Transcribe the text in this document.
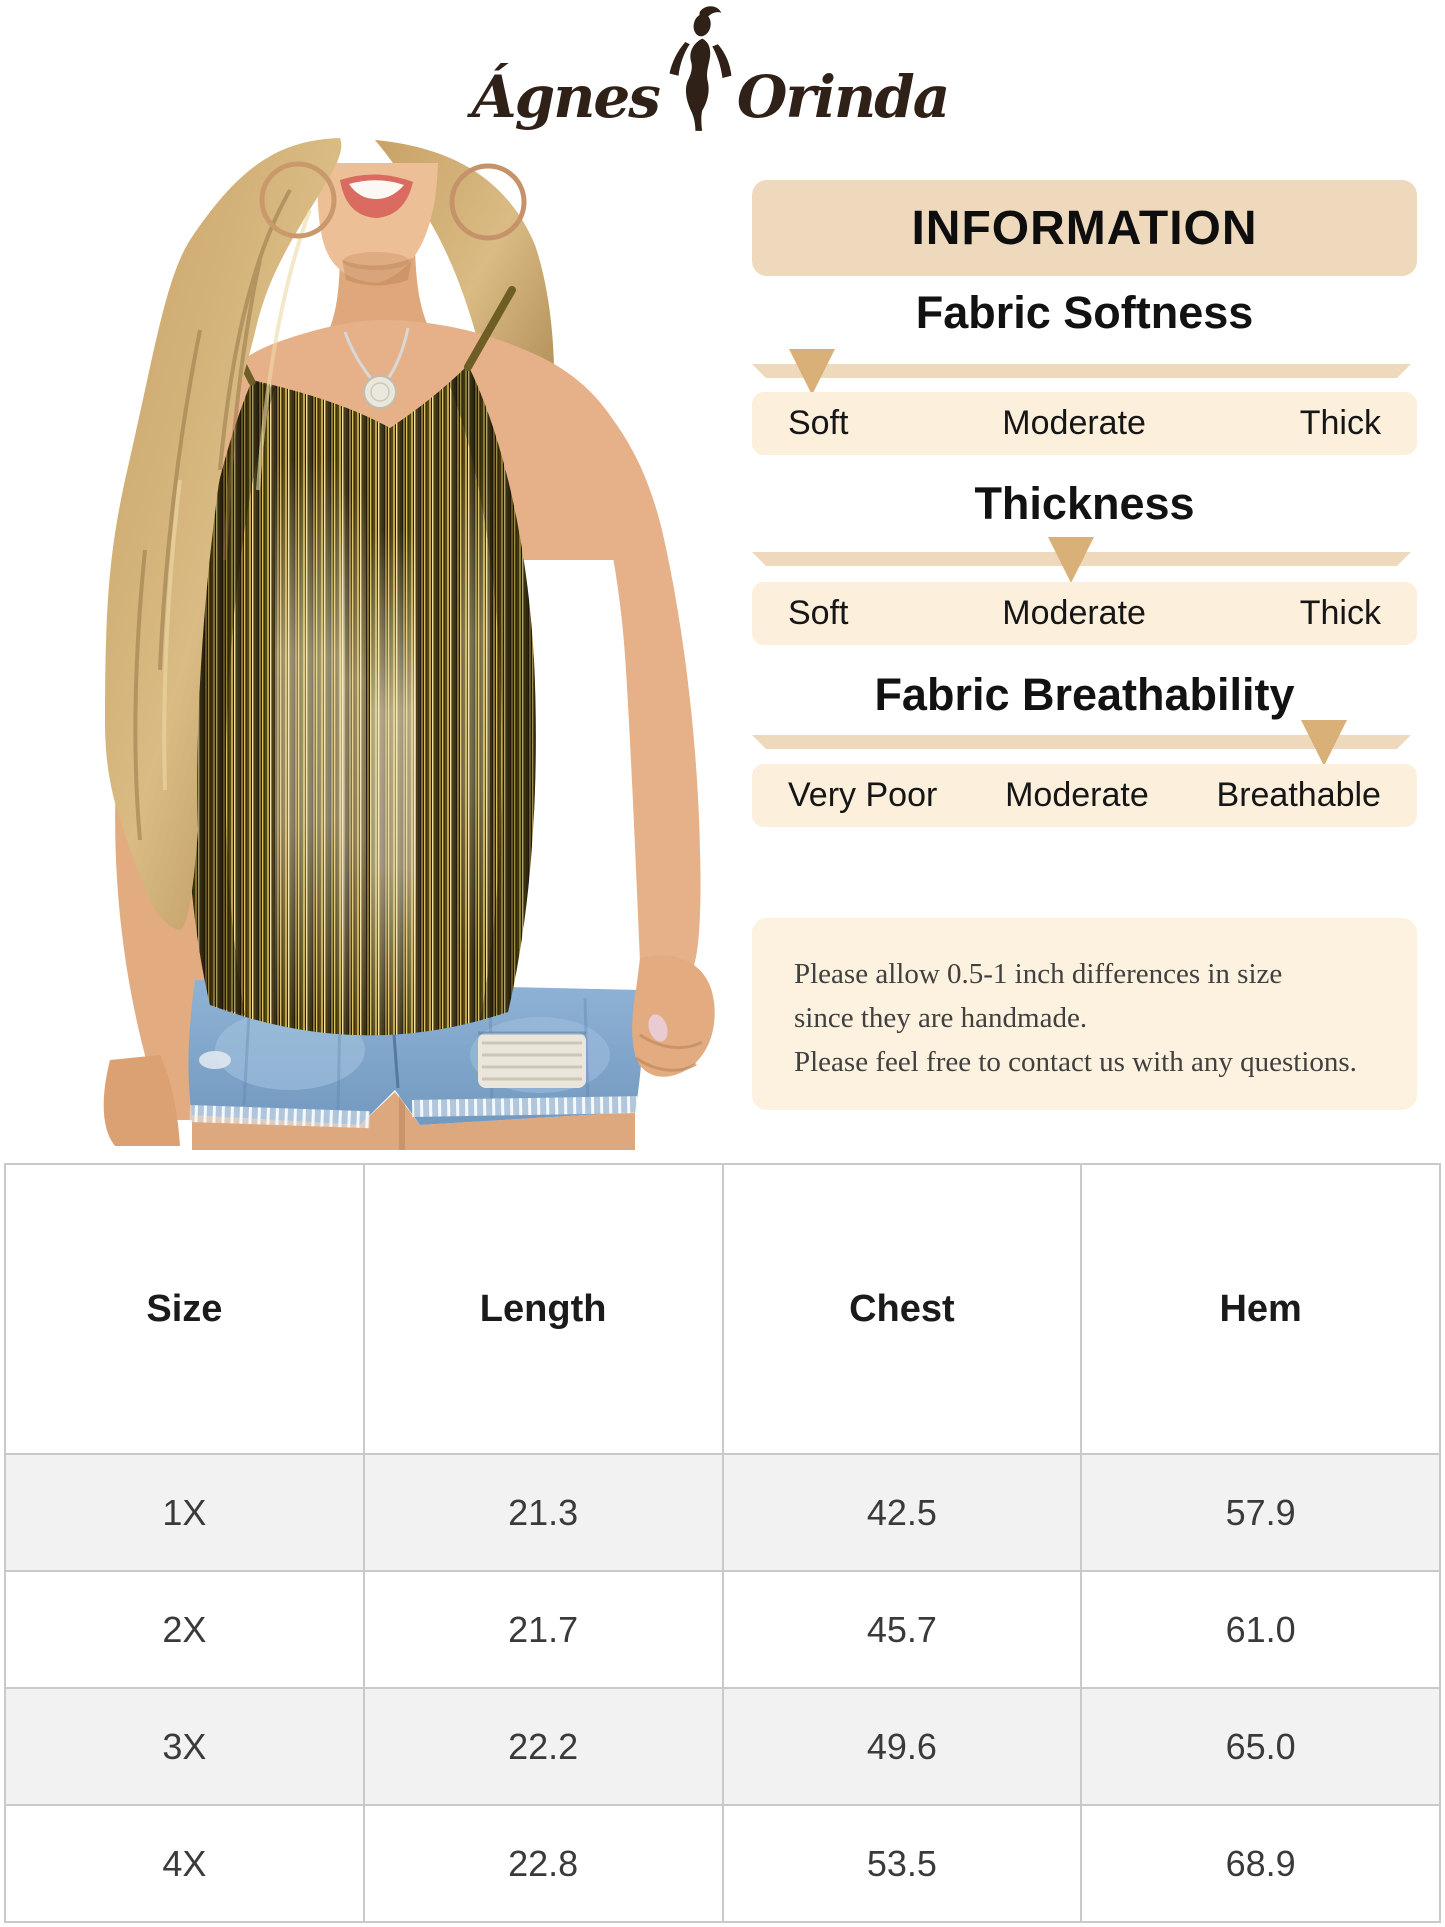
Ágnes Orinda
INFORMATION
Fabric Softness
Soft	Moderate	Thick
Thickness
Soft	Moderate	Thick
Fabric Breathability
Very Poor Moderate Breathable

Please allow 0.5-1 inch differences in size

since they are handmade.

Please feel free to contact us with any questions.

Size	Length	Chest	Hem
1X	21.3	42.5	57.9
2X	21.7	45.7	61.0
3X	22.2	49.6	65.0
4X	22.8	53.5	68.9
